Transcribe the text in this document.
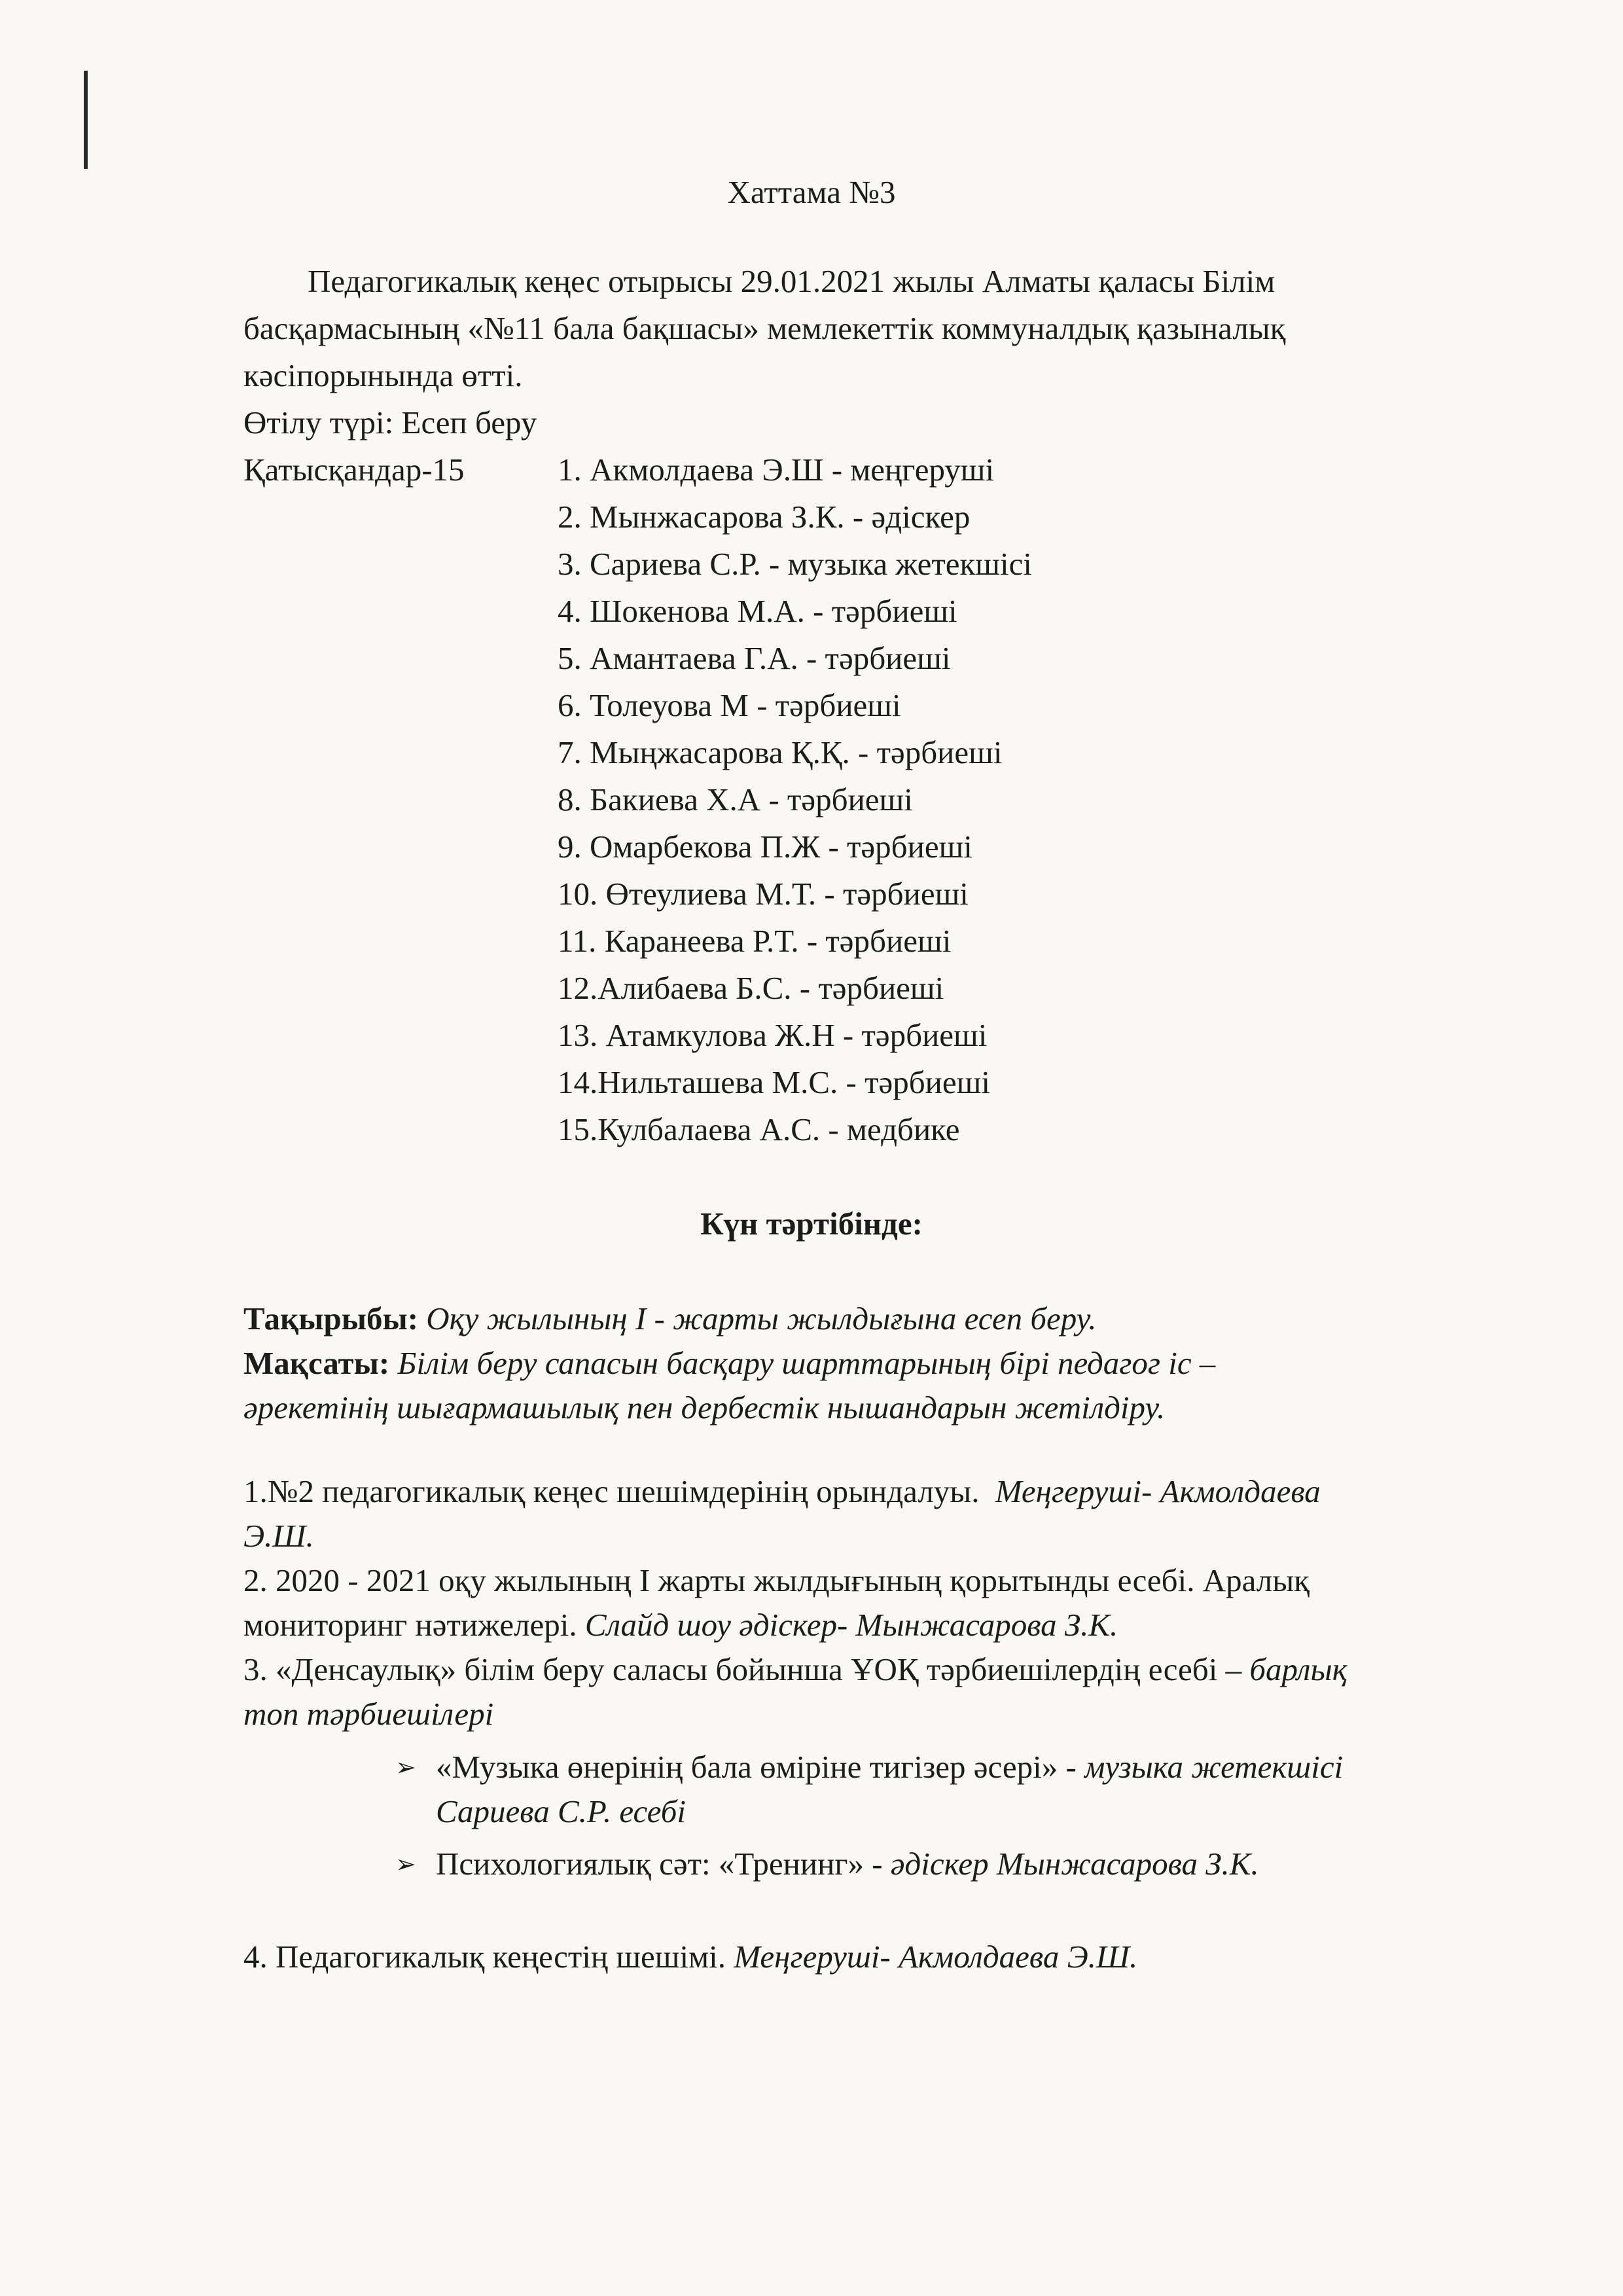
Хаттама №3
Педагогикалық кеңес отырысы 29.01.2021 жылы Алматы қаласы Білім
басқармасының «№11 бала бақшасы» мемлекеттік коммуналдық қазыналық
кәсіпорынында өтті.
Өтілу түрі: Есеп беру
Қатысқандар-15	1. Акмолдаева Э.Ш - меңгеруші
2. Мынжасарова З.К. - әдіскер
3. Сариева С.Р. - музыка жетекшісі
4. Шокенова М.А. - тәрбиеші
5. Амантаева Г.А. - тәрбиеші
6. Толеуова М - тәрбиеші
7. Мыңжасарова Қ.Қ. - тәрбиеші
8. Бакиева Х.А - тәрбиеші
9. Омарбекова П.Ж - тәрбиеші
10. Өтеулиева М.Т. - тәрбиеші
11. Каранеева Р.Т. - тәрбиеші
12.Алибаева Б.С. - тәрбиеші
13. Атамкулова Ж.Н - тәрбиеші
14.Нильташева М.С. - тәрбиеші
15.Кулбалаева А.С. - медбике
Күн тәртібінде:
Тақырыбы: Оқу жылының I - жарты жылдығына есеп беру.
Мақсаты: Білім беру сапасын басқару шарттарының бірі педагог іс –
әрекетінің шығармашылық пен дербестік нышандарын жетілдіру.
1.№2 педагогикалық кеңес шешімдерінің орындалуы. Меңгеруші- Акмолдаева
Э.Ш.
2. 2020 - 2021 оқу жылының І жарты жылдығының қорытынды есебі. Аралық
мониторинг нәтижелері. Слайд шоу әдіскер- Мынжасарова З.К.
3. «Денсаулық» білім беру саласы бойынша ҰОҚ тәрбиешілердің есебі – барлық
топ тәрбиешілері
➢ «Музыка өнерінің бала өміріне тигізер әсері» - музыка жетекшісі
Сариева С.Р. есебі
➢ Психологиялық сәт: «Тренинг» - әдіскер Мынжасарова З.К.
4. Педагогикалық кеңестің шешімі. Меңгеруші- Акмолдаева Э.Ш.
